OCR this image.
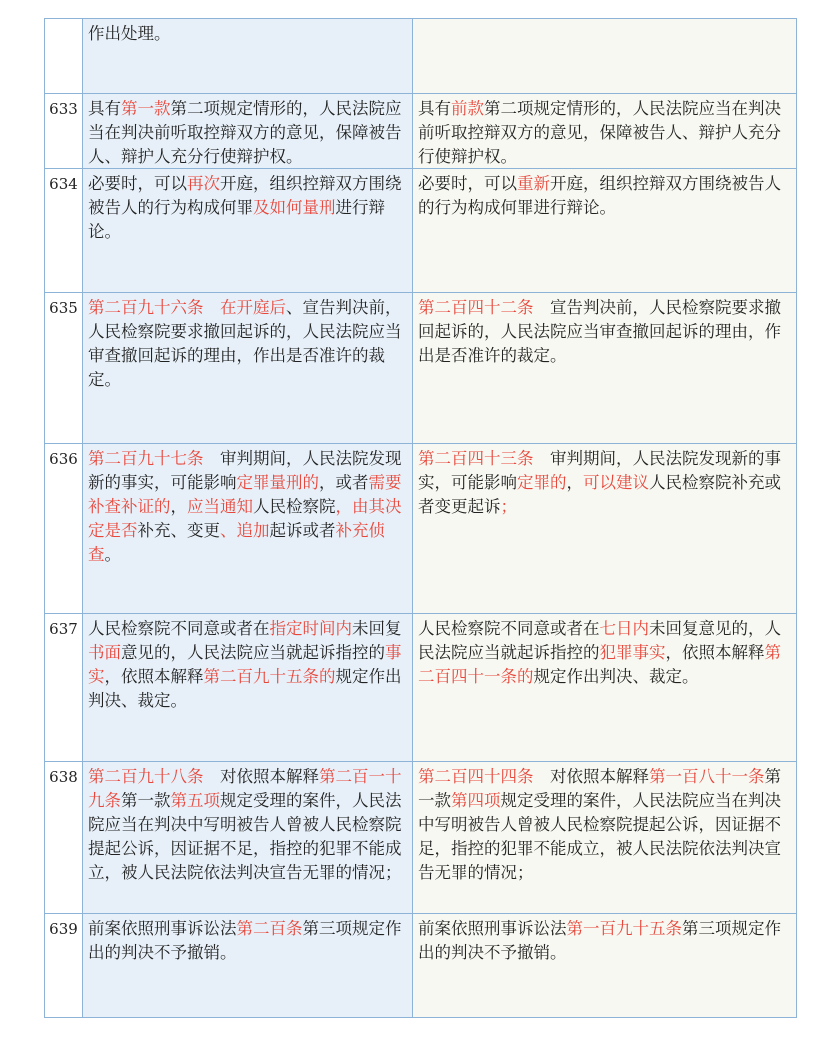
作出处理。
633 具有第一款第二项规定情形的，人民法院应当在判决前听取控辩双方的意见，保障被告人、辩护人充分行使辩护权。
具有前款第二项规定情形的，人民法院应当在判决前听取控辩双方的意见，保障被告人、辩护人充分行使辩护权。
634 必要时，可以再次开庭，组织控辩双方围绕被告人的行为构成何罪及如何量刑进行辩论。
必要时，可以重新开庭，组织控辩双方围绕被告人的行为构成何罪进行辩论。
635 第二百九十六条　在开庭后、宣告判决前，人民检察院要求撤回起诉的，人民法院应当审查撤回起诉的理由，作出是否准许的裁定。
第二百四十二条　宣告判决前，人民检察院要求撤回起诉的，人民法院应当审查撤回起诉的理由，作出是否准许的裁定。
636 第二百九十七条　审判期间，人民法院发现新的事实，可能影响定罪量刑的，或者需要补查补证的，应当通知人民检察院，由其决定是否补充、变更、追加起诉或者补充侦查。
第二百四十三条　审判期间，人民法院发现新的事实，可能影响定罪的，可以建议人民检察院补充或者变更起诉；
637 人民检察院不同意或者在指定时间内未回复书面意见的，人民法院应当就起诉指控的事实，依照本解释第二百九十五条的规定作出判决、裁定。
人民检察院不同意或者在七日内未回复意见的，人民法院应当就起诉指控的犯罪事实，依照本解释第二百四十一条的规定作出判决、裁定。
638 第二百九十八条　对依照本解释第二百一十九条第一款第五项规定受理的案件，人民法院应当在判决中写明被告人曾被人民检察院提起公诉，因证据不足，指控的犯罪不能成立，被人民法院依法判决宣告无罪的情况；
第二百四十四条　对依照本解释第一百八十一条第一款第四项规定受理的案件，人民法院应当在判决中写明被告人曾被人民检察院提起公诉，因证据不足，指控的犯罪不能成立，被人民法院依法判决宣告无罪的情况；
639 前案依照刑事诉讼法第二百条第三项规定作出的判决不予撤销。
前案依照刑事诉讼法第一百九十五条第三项规定作出的判决不予撤销。
